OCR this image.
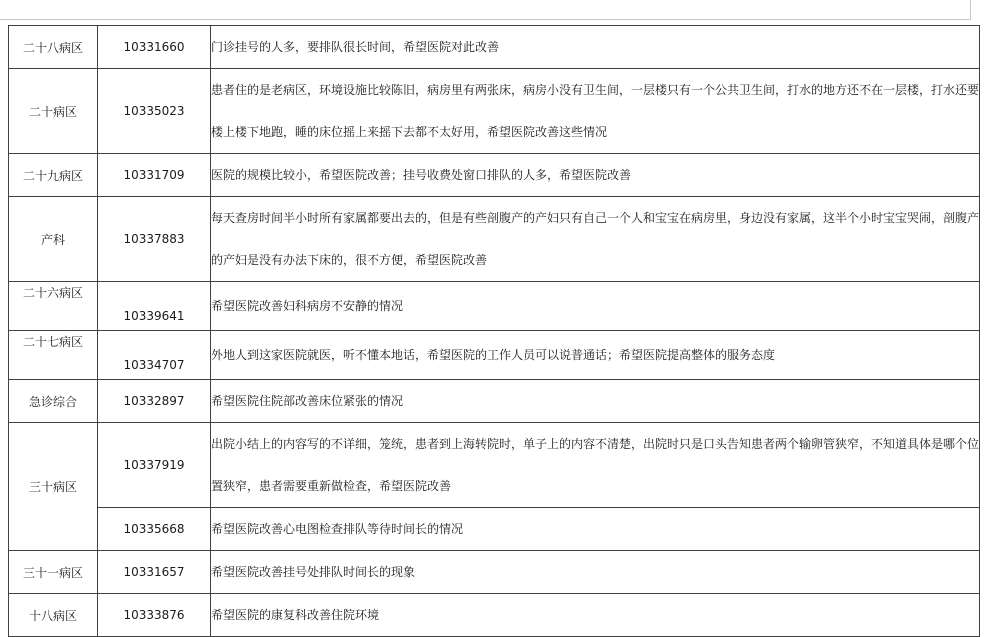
二十八病区	10331660	门诊挂号的人多，要排队很长时间，希望医院对此改善
二十病区	10335023	患者住的是老病区，环境设施比较陈旧，病房里有两张床，病房小没有卫生间，一层楼只有一个公共卫生间，打水的地方还不在一层楼，打水还要楼上楼下地跑，睡的床位摇上来摇下去都不太好用，希望医院改善这些情况
二十九病区	10331709	医院的规模比较小，希望医院改善；挂号收费处窗口排队的人多，希望医院改善
产科	10337883	每天查房时间半小时所有家属都要出去的，但是有些剖腹产的产妇只有自己一个人和宝宝在病房里，身边没有家属，这半个小时宝宝哭闹，剖腹产的产妇是没有办法下床的，很不方便，希望医院改善
二十六病区	10339641	希望医院改善妇科病房不安静的情况
二十七病区	10334707	外地人到这家医院就医，听不懂本地话，希望医院的工作人员可以说普通话；希望医院提高整体的服务态度
急诊综合	10332897	希望医院住院部改善床位紧张的情况
三十病区	10337919	出院小结上的内容写的不详细，笼统，患者到上海转院时，单子上的内容不清楚，出院时只是口头告知患者两个输卵管狭窄，不知道具体是哪个位置狭窄，患者需要重新做检查，希望医院改善
	10335668	希望医院改善心电图检查排队等待时间长的情况
三十一病区	10331657	希望医院改善挂号处排队时间长的现象
十八病区	10333876	希望医院的康复科改善住院环境
